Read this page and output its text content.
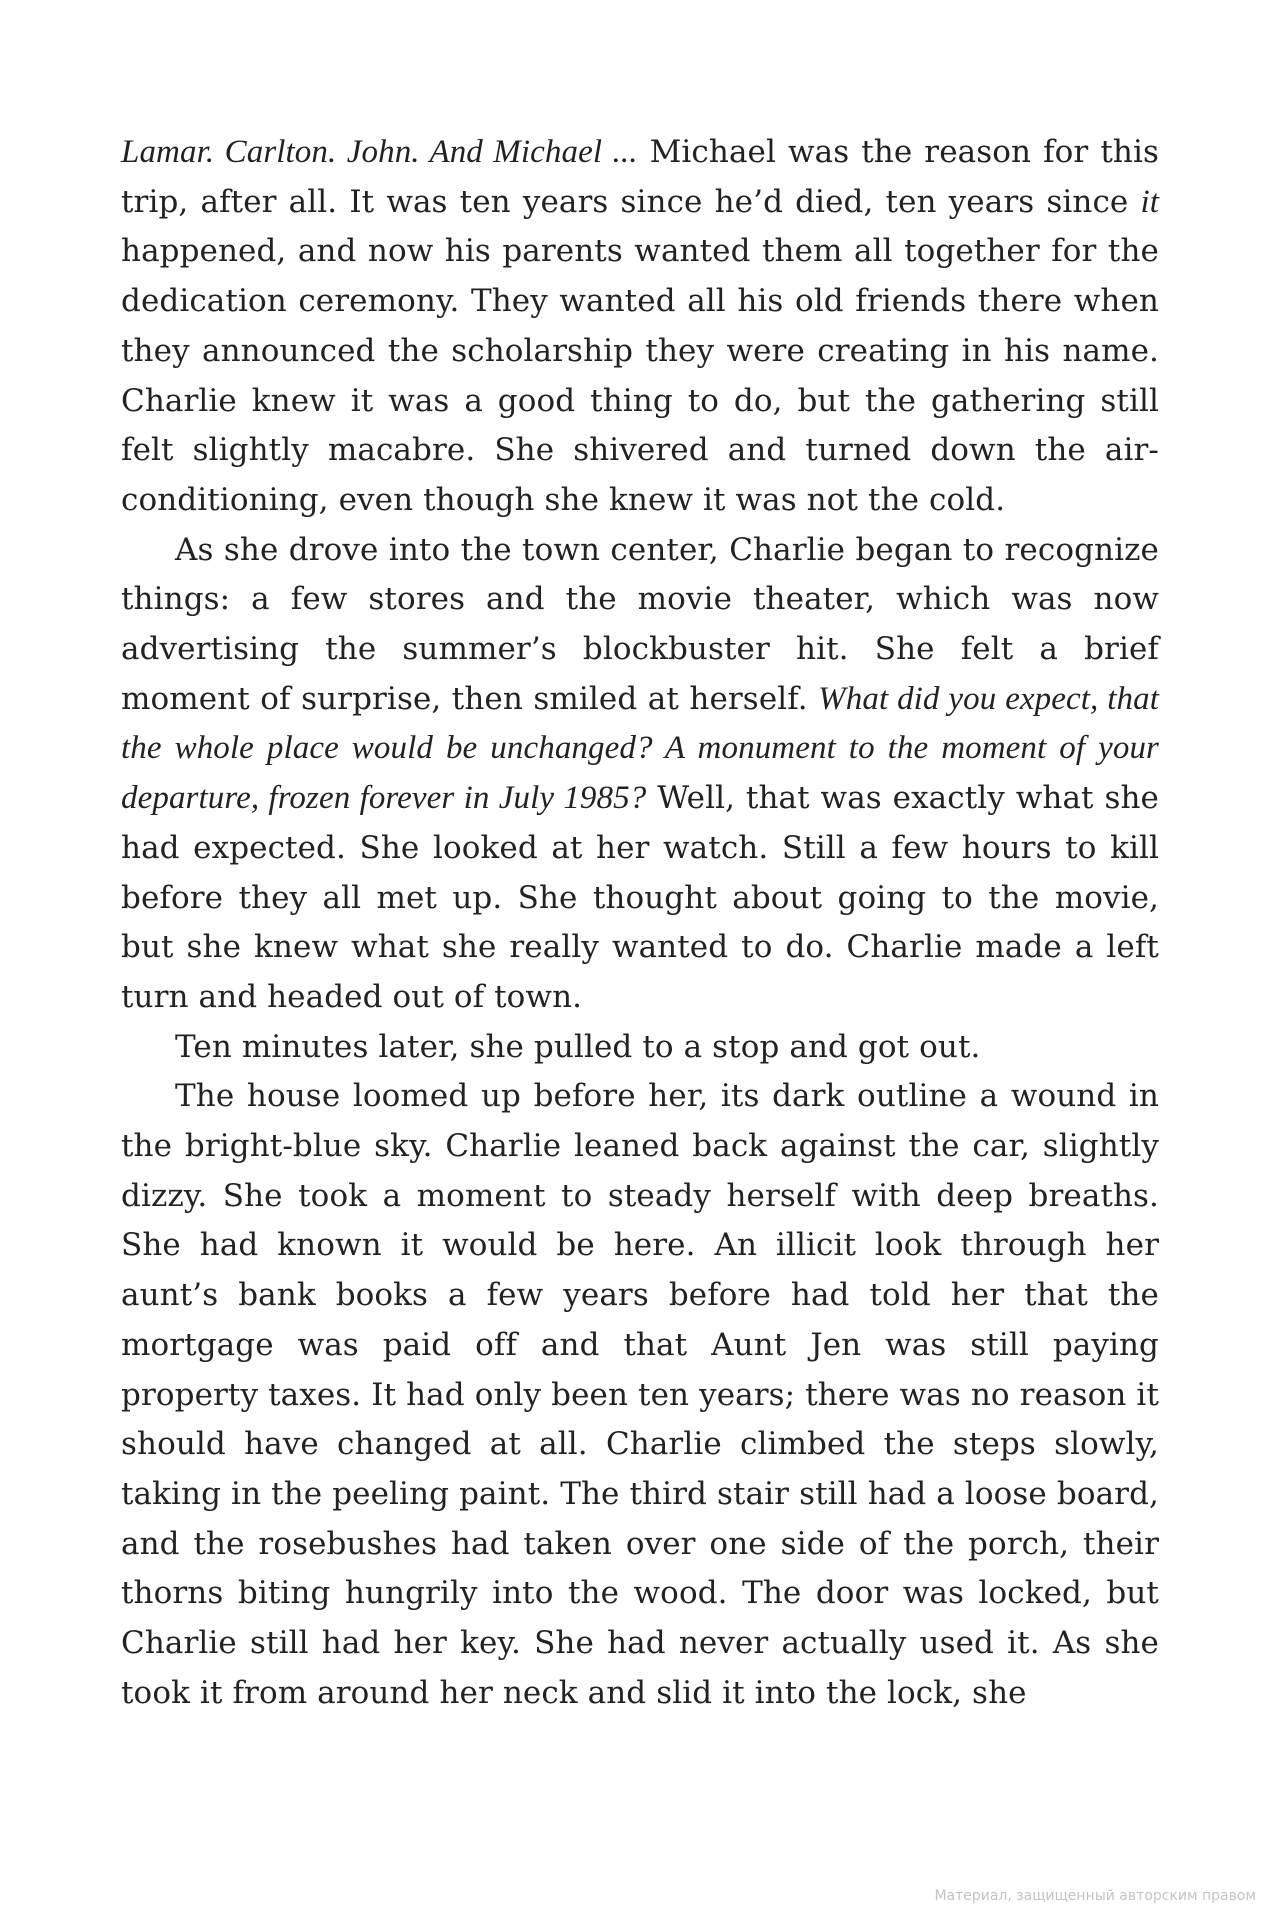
Lamar. Carlton. John. And Michael ... Michael was the reason for this trip, after all. It was ten years since he’d died, ten years since it happened, and now his parents wanted them all together for the dedication ceremony. They wanted all his old friends there when they announced the scholarship they were creating in his name. Charlie knew it was a good thing to do, but the gathering still felt slightly macabre. She shivered and turned down the air-conditioning, even though she knew it was not the cold.

As she drove into the town center, Charlie began to recognize things: a few stores and the movie theater, which was now advertising the summer’s blockbuster hit. She felt a brief moment of surprise, then smiled at herself. What did you expect, that the whole place would be unchanged? A monument to the moment of your departure, frozen forever in July 1985? Well, that was exactly what she had expected. She looked at her watch. Still a few hours to kill before they all met up. She thought about going to the movie, but she knew what she really wanted to do. Charlie made a left turn and headed out of town.

Ten minutes later, she pulled to a stop and got out.

The house loomed up before her, its dark outline a wound in the bright-blue sky. Charlie leaned back against the car, slightly dizzy. She took a moment to steady herself with deep breaths. She had known it would be here. An illicit look through her aunt’s bank books a few years before had told her that the mortgage was paid off and that Aunt Jen was still paying property taxes. It had only been ten years; there was no reason it should have changed at all. Charlie climbed the steps slowly, taking in the peeling paint. The third stair still had a loose board, and the rosebushes had taken over one side of the porch, their thorns biting hungrily into the wood. The door was locked, but Charlie still had her key. She had never actually used it. As she took it from around her neck and slid it into the lock, she

Материал, защищенный авторским правом
